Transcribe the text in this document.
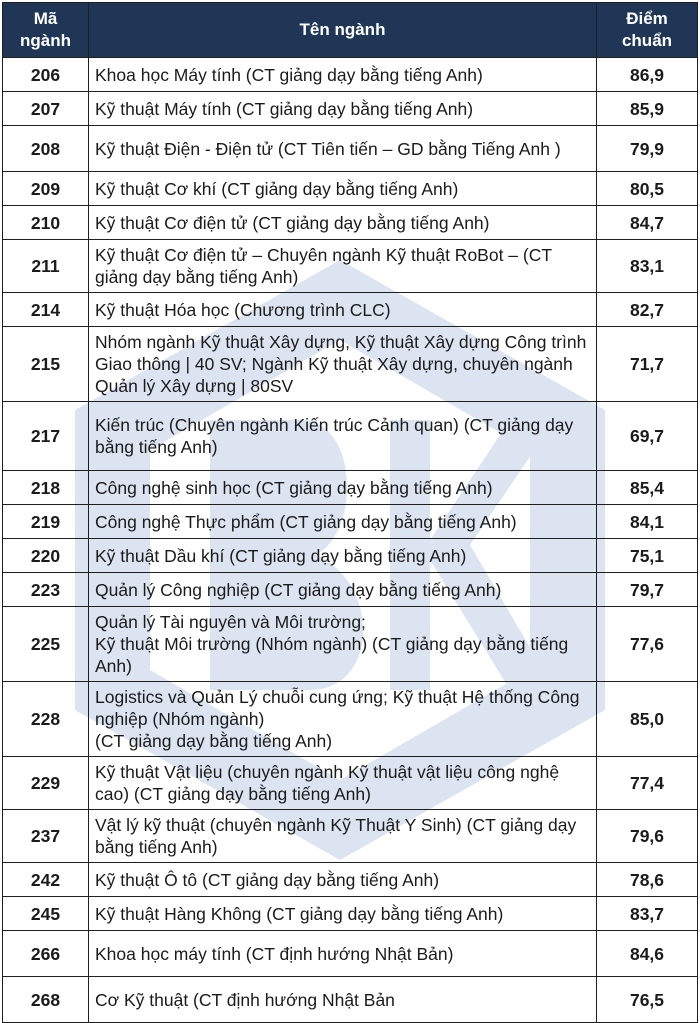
Mã
ngành	Tên ngành	Điểm
chuẩn
206	Khoa học Máy tính (CT giảng dạy bằng tiếng Anh)	86,9
207	Kỹ thuật Máy tính (CT giảng dạy bằng tiếng Anh)	85,9
208	Kỹ thuật Điện - Điện tử (CT Tiên tiến – GD bằng Tiếng Anh )	79,9
209	Kỹ thuật Cơ khí (CT giảng dạy bằng tiếng Anh)	80,5
210	Kỹ thuật Cơ điện tử (CT giảng dạy bằng tiếng Anh)	84,7
211	Kỹ thuật Cơ điện tử – Chuyên ngành Kỹ thuật RoBot – (CT giảng dạy bằng tiếng Anh)	83,1
214	Kỹ thuật Hóa học (Chương trình CLC)	82,7
215	Nhóm ngành Kỹ thuật Xây dựng, Kỹ thuật Xây dựng Công trình Giao thông | 40 SV; Ngành Kỹ thuật Xây dựng, chuyên ngành Quản lý Xây dựng | 80SV	71,7
217	Kiến trúc (Chuyên ngành Kiến trúc Cảnh quan) (CT giảng dạy bằng tiếng Anh)	69,7
218	Công nghệ sinh học (CT giảng dạy bằng tiếng Anh)	85,4
219	Công nghệ Thực phẩm (CT giảng dạy bằng tiếng Anh)	84,1
220	Kỹ thuật Dầu khí (CT giảng dạy bằng tiếng Anh)	75,1
223	Quản lý Công nghiệp (CT giảng dạy bằng tiếng Anh)	79,7
225	Quản lý Tài nguyên và Môi trường;
Kỹ thuật Môi trường (Nhóm ngành) (CT giảng dạy bằng tiếng Anh)	77,6
228	Logistics và Quản Lý chuỗi cung ứng; Kỹ thuật Hệ thống Công nghiệp (Nhóm ngành)
(CT giảng dạy bằng tiếng Anh)	85,0
229	Kỹ thuật Vật liệu (chuyên ngành Kỹ thuật vật liệu công nghệ cao) (CT giảng dạy bằng tiếng Anh)	77,4
237	Vật lý kỹ thuật (chuyên ngành Kỹ Thuật Y Sinh) (CT giảng dạy bằng tiếng Anh)	79,6
242	Kỹ thuật Ô tô (CT giảng dạy bằng tiếng Anh)	78,6
245	Kỹ thuật Hàng Không (CT giảng dạy bằng tiếng Anh)	83,7
266	Khoa học máy tính (CT định hướng Nhật Bản)	84,6
268	Cơ Kỹ thuật (CT định hướng Nhật Bản	76,5
